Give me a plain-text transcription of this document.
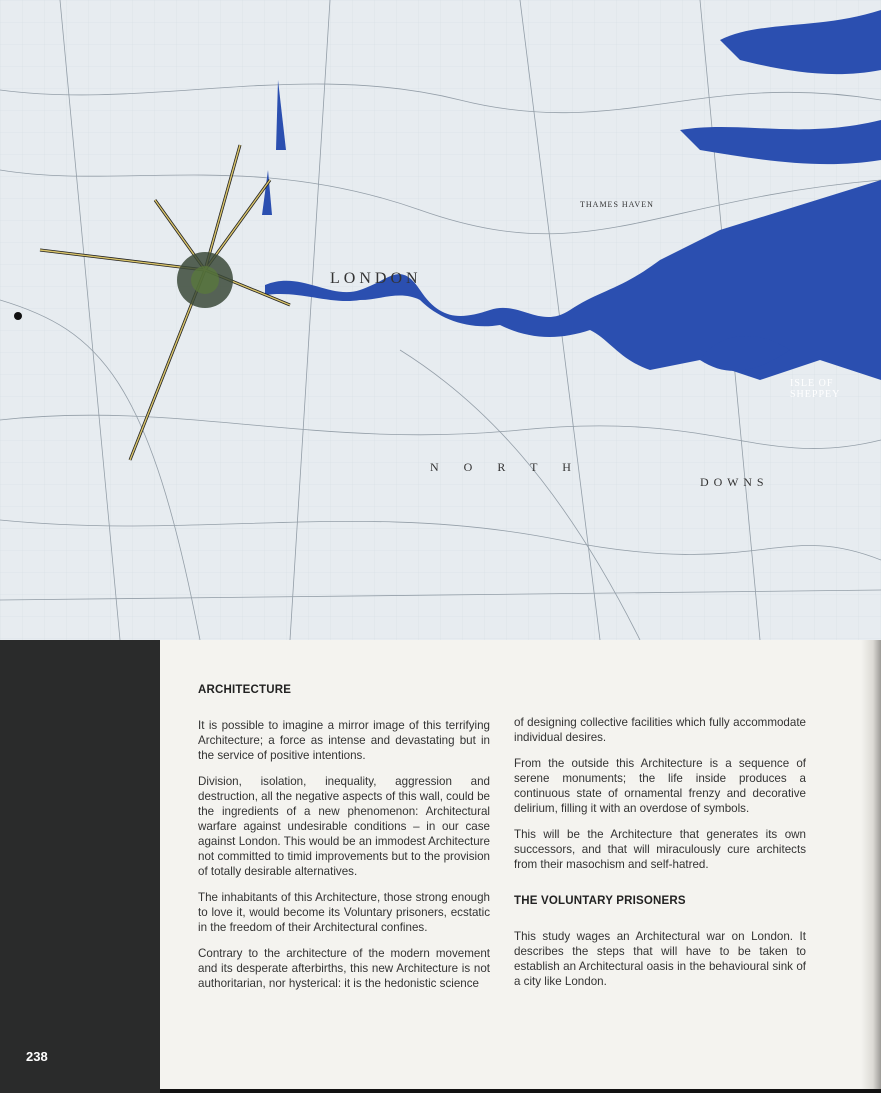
LONDON
ISLE OF SHEPPEY
N O R T H
D O W N S
THAMES HAVEN
238
ARCHITECTURE

It is possible to imagine a mirror image of this terrifying Architecture; a force as intense and devastating but in the service of positive intentions.

Division, isolation, inequality, aggression and destruction, all the negative aspects of this wall, could be the ingredients of a new phenomenon: Architectural warfare against undesirable conditions – in our case against London. This would be an immodest Architecture not committed to timid improvements but to the provision of totally desirable alternatives.

The inhabitants of this Architecture, those strong enough to love it, would become its Voluntary prisoners, ecstatic in the freedom of their Architectural confines.

Contrary to the architecture of the modern movement and its desperate afterbirths, this new Architecture is not authoritarian, nor hysterical: it is the hedonistic science

of designing collective facilities which fully accommodate individual desires.

From the outside this Architecture is a sequence of serene monuments; the life inside produces a continuous state of ornamental frenzy and decorative delirium, filling it with an overdose of symbols.

This will be the Architecture that generates its own successors, and that will miraculously cure architects from their masochism and self-hatred.

THE VOLUNTARY PRISONERS

This study wages an Architectural war on London. It describes the steps that will have to be taken to establish an Architectural oasis in the behavioural sink of a city like London.
